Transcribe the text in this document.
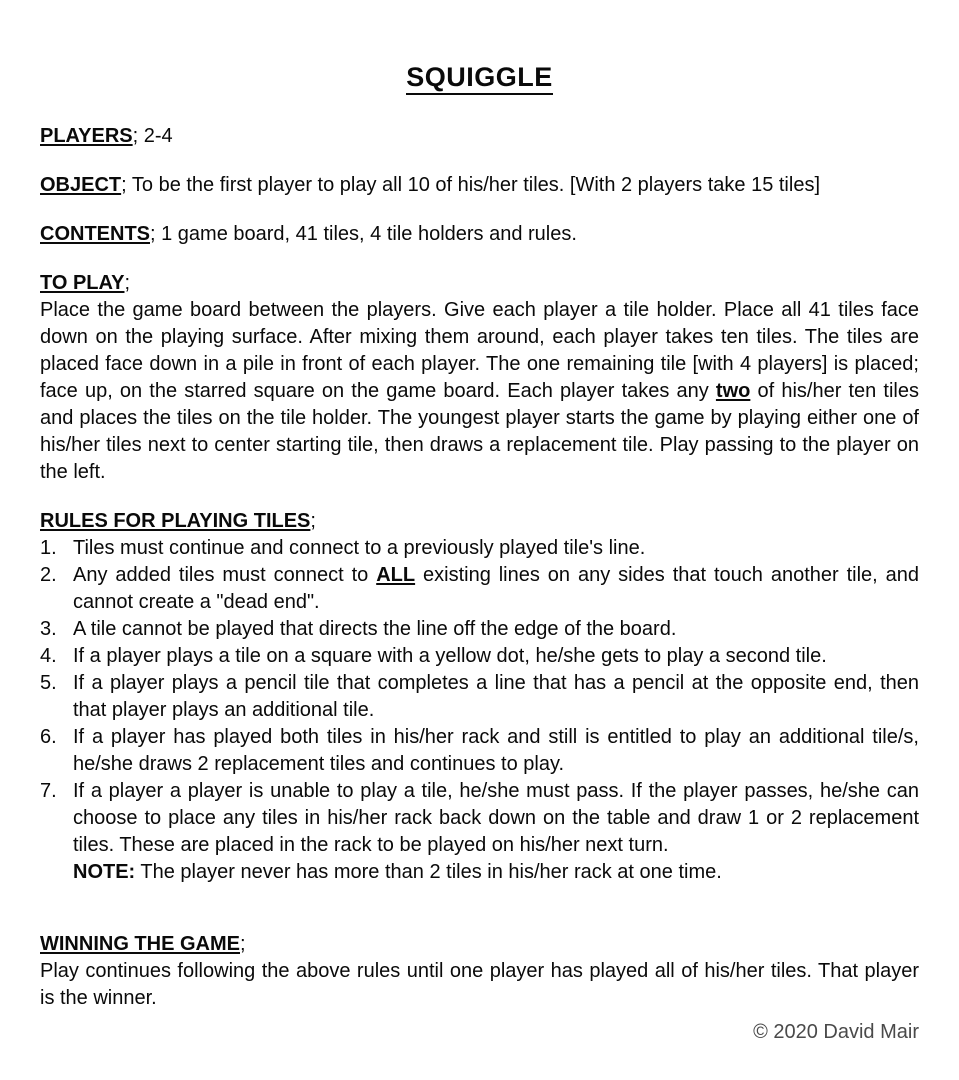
SQUIGGLE

PLAYERS; 2-4

OBJECT; To be the first player to play all 10 of his/her tiles. [With 2 players take 15 tiles]

CONTENTS; 1 game board, 41 tiles, 4 tile holders and rules.

TO PLAY;

Place the game board between the players. Give each player a tile holder. Place all 41 tiles face down on the playing surface. After mixing them around, each player takes ten tiles. The tiles are placed face down in a pile in front of each player. The one remaining tile [with 4 players] is placed; face up, on the starred square on the game board. Each player takes any two of his/her ten tiles and places the tiles on the tile holder. The youngest player starts the game by playing either one of his/her tiles next to center starting tile, then draws a replacement tile. Play passing to the player on the left.

RULES FOR PLAYING TILES;

1. Tiles must continue and connect to a previously played tile's line.
2. Any added tiles must connect to ALL existing lines on any sides that touch another tile, and cannot create a "dead end".
3. A tile cannot be played that directs the line off the edge of the board.
4. If a player plays a tile on a square with a yellow dot, he/she gets to play a second tile.
5. If a player plays a pencil tile that completes a line that has a pencil at the opposite end, then that player plays an additional tile.
6. If a player has played both tiles in his/her rack and still is entitled to play an additional tile/s, he/she draws 2 replacement tiles and continues to play.
7. If a player a player is unable to play a tile, he/she must pass. If the player passes, he/she can choose to place any tiles in his/her rack back down on the table and draw 1 or 2 replacement tiles. These are placed in the rack to be played on his/her next turn.
NOTE: The player never has more than 2 tiles in his/her rack at one time.

WINNING THE GAME;

Play continues following the above rules until one player has played all of his/her tiles. That player is the winner.

© 2020 David Mair
